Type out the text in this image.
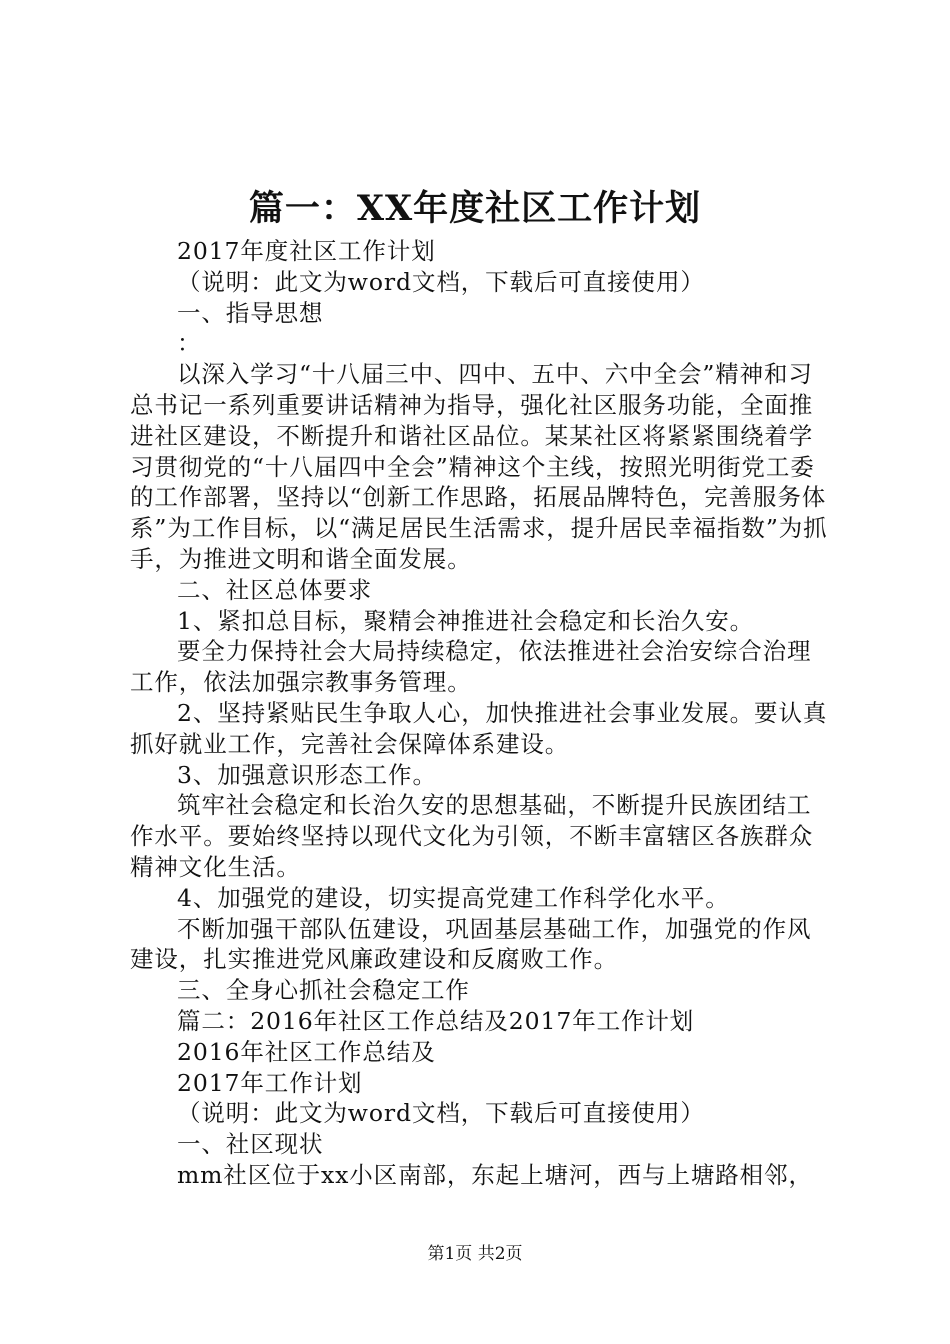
篇一：XX年度社区工作计划

2017年度社区工作计划

（说明：此文为word文档，下载后可直接使用）

一、指导思想

：

以深入学习“十八届三中、四中、五中、六中全会”精神和习总书记一系列重要讲话精神为指导，强化社区服务功能，全面推进社区建设，不断提升和谐社区品位。某某社区将紧紧围绕着学习贯彻党的“十八届四中全会”精神这个主线，按照光明街党工委的工作部署，坚持以“创新工作思路，拓展品牌特色，完善服务体系”为工作目标，以“满足居民生活需求，提升居民幸福指数”为抓手，为推进文明和谐全面发展。

二、社区总体要求

1、紧扣总目标，聚精会神推进社会稳定和长治久安。

要全力保持社会大局持续稳定，依法推进社会治安综合治理工作，依法加强宗教事务管理。

2、坚持紧贴民生争取人心，加快推进社会事业发展。要认真抓好就业工作，完善社会保障体系建设。

3、加强意识形态工作。

筑牢社会稳定和长治久安的思想基础，不断提升民族团结工作水平。要始终坚持以现代文化为引领，不断丰富辖区各族群众精神文化生活。

4、加强党的建设，切实提高党建工作科学化水平。

不断加强干部队伍建设，巩固基层基础工作，加强党的作风建设，扎实推进党风廉政建设和反腐败工作。

三、全身心抓社会稳定工作

篇二：2016年社区工作总结及2017年工作计划

2016年社区工作总结及

2017年工作计划

（说明：此文为word文档，下载后可直接使用）

一、社区现状

mm社区位于xx小区南部，东起上塘河，西与上塘路相邻，

第1页 共2页
